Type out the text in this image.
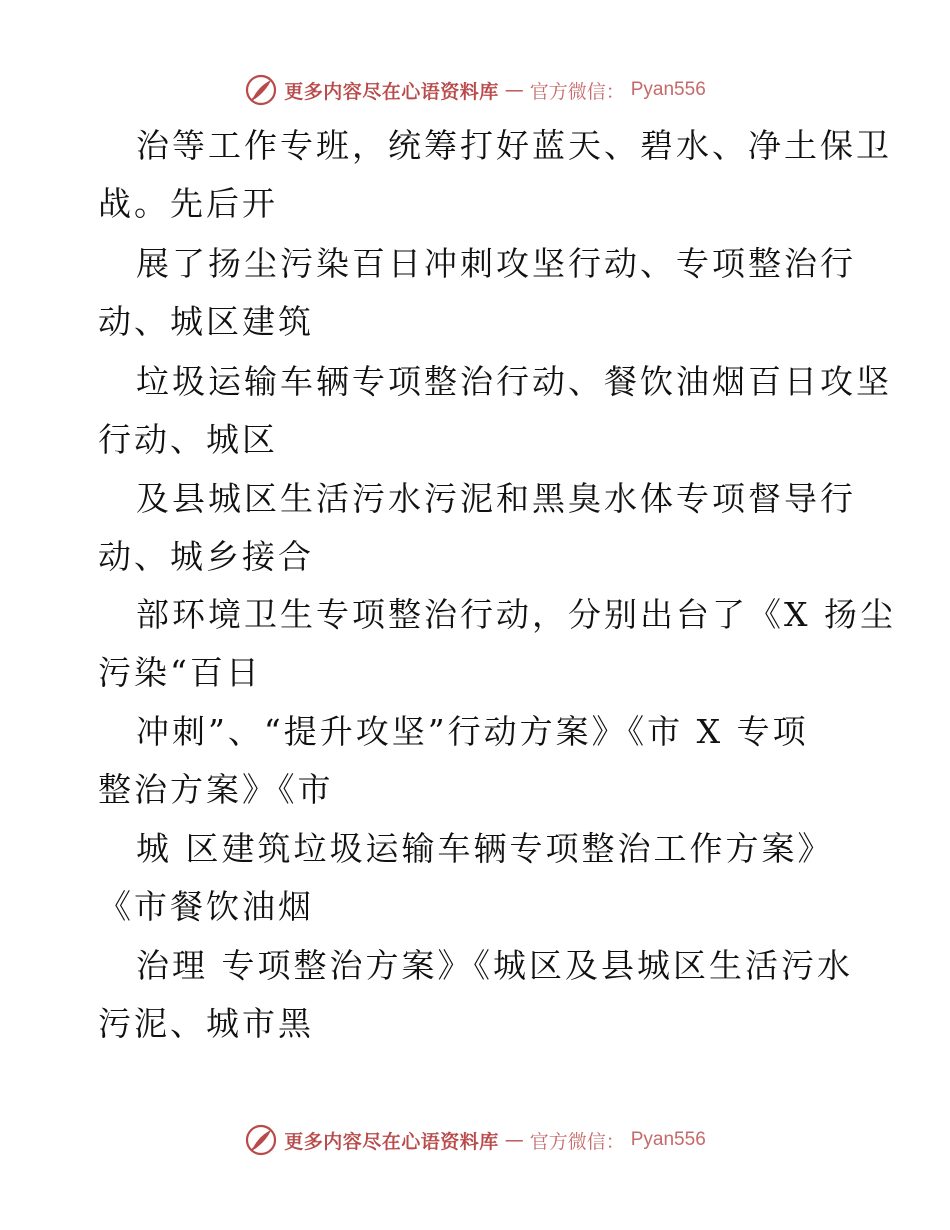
更多内容尽在心语资料库 — 官方微信： Pyan556

治等工作专班，统筹打好蓝天、碧水、净土保卫

战。先后开

展了扬尘污染百日冲刺攻坚行动、专项整治行

动、城区建筑

垃圾运输车辆专项整治行动、餐饮油烟百日攻坚

行动、城区

及县城区生活污水污泥和黑臭水体专项督导行

动、城乡接合

部环境卫生专项整治行动，分别出台了《X 扬尘

污染“百日

冲刺”、“提升攻坚”行动方案》《市 X 专项

整治方案》《市

城 区建筑垃圾运输车辆专项整治工作方案》

《市餐饮油烟

治理 专项整治方案》《城区及县城区生活污水

污泥、城市黑

更多内容尽在心语资料库 — 官方微信： Pyan556
